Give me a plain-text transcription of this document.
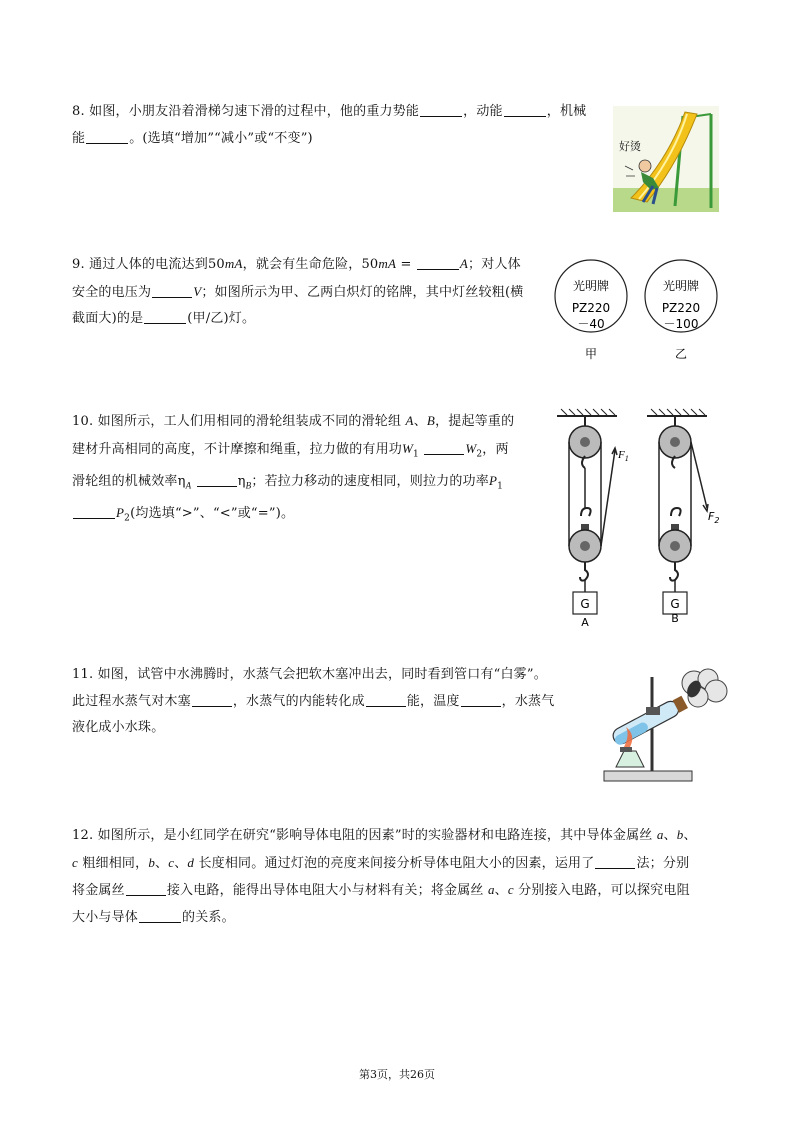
8. 如图，小朋友沿着滑梯匀速下滑的过程中，他的重力势能	，动能	，机械

能	。(选填“增加”“减小”或“不变”)

好烫

9. 通过人体的电流达到50mA，就会有生命危险，50mA =	A；对人体

安全的电压为	V；如图所示为甲、乙两白炽灯的铭牌，其中灯丝较粗(横

截面大)的是	(甲/乙)灯。

光明牌
PZ220
－40
甲
光明牌
PZ220
－100
乙

10. 如图所示，工人们用相同的滑轮组装成不同的滑轮组 A、B，提起等重的

建材升高相同的高度，不计摩擦和绳重，拉力做的有用功$W_1$	$W_2$，两

滑轮组的机械效率$\eta_A$	$\eta_B$；若拉力移动的速度相同，则拉力的功率$P_1$

$P_2$(均选填“>”、“<”或“=”)。

$F_1$
G
A
$F_2$
G
B

11. 如图，试管中水沸腾时，水蒸气会把软木塞冲出去，同时看到管口有“白雾”。

此过程水蒸气对木塞	，水蒸气的内能转化成	能，温度	，水蒸气

液化成小水珠。

12. 如图所示，是小红同学在研究“影响导体电阻的因素”时的实验器材和电路连接，其中导体金属丝 a、b、

c 粗细相同，b、c、d 长度相同。通过灯泡的亮度来间接分析导体电阻大小的因素，运用了	法；分别

将金属丝	接入电路，能得出导体电阻大小与材料有关；将金属丝 a、c 分别接入电路，可以探究电阻

大小与导体	的关系。

第3页，共26页
